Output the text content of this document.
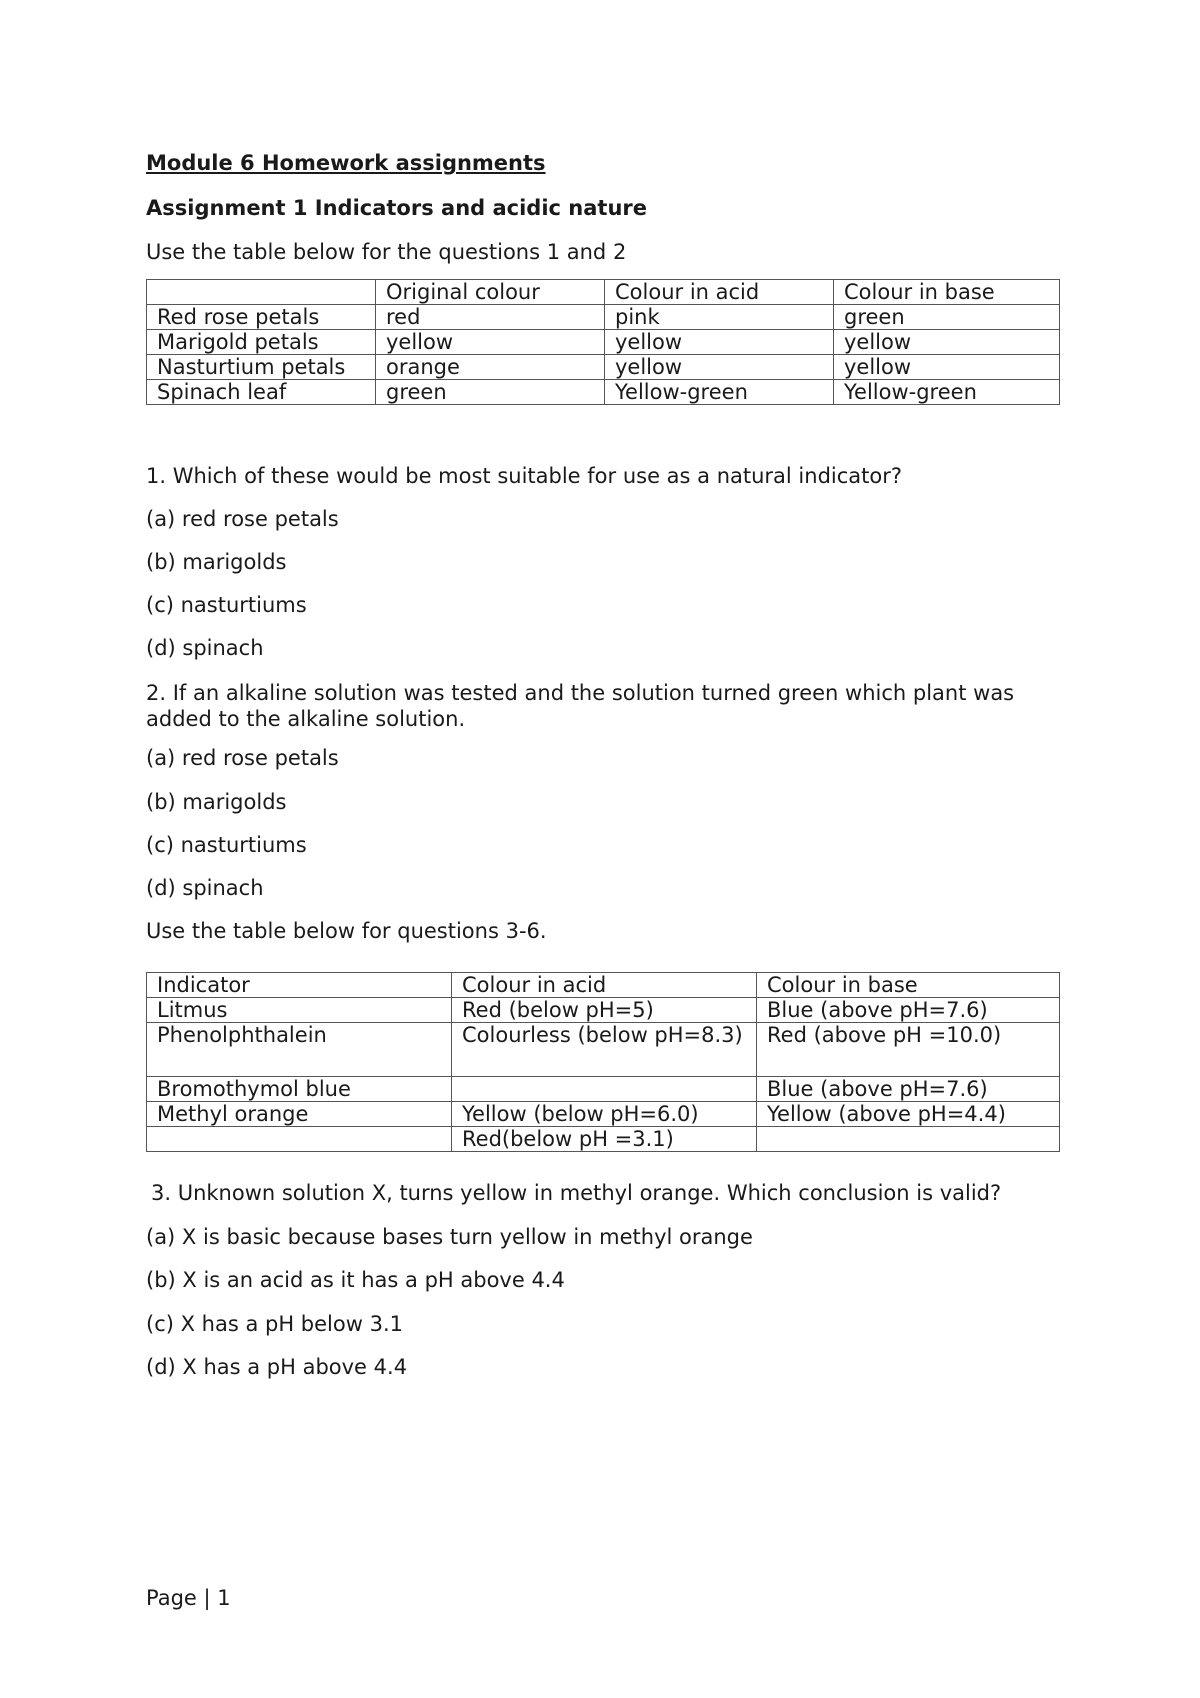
Module 6 Homework assignments
Assignment 1 Indicators and acidic nature
Use the table below for the questions 1 and 2
	Original colour	Colour in acid	Colour in base
Red rose petals	red	pink	green
Marigold petals	yellow	yellow	yellow
Nasturtium petals	orange	yellow	yellow
Spinach leaf	green	Yellow-green	Yellow-green
1. Which of these would be most suitable for use as a natural indicator?
(a) red rose petals
(b) marigolds
(c) nasturtiums
(d) spinach
2. If an alkaline solution was tested and the solution turned green which plant was added to the alkaline solution.
(a) red rose petals
(b) marigolds
(c) nasturtiums
(d) spinach
Use the table below for questions 3-6.
Indicator	Colour in acid	Colour in base
Litmus	Red (below pH=5)	Blue (above pH=7.6)
Phenolphthalein	Colourless (below pH=8.3)	Red (above pH =10.0)
Bromothymol blue		Blue (above pH=7.6)
Methyl orange	Yellow (below pH=6.0)	Yellow (above pH=4.4)
	Red(below pH =3.1)	
3. Unknown solution X, turns yellow in methyl orange. Which conclusion is valid?
(a) X is basic because bases turn yellow in methyl orange
(b) X is an acid as it has a pH above 4.4
(c) X has a pH below 3.1
(d) X has a pH above 4.4
Page | 1
